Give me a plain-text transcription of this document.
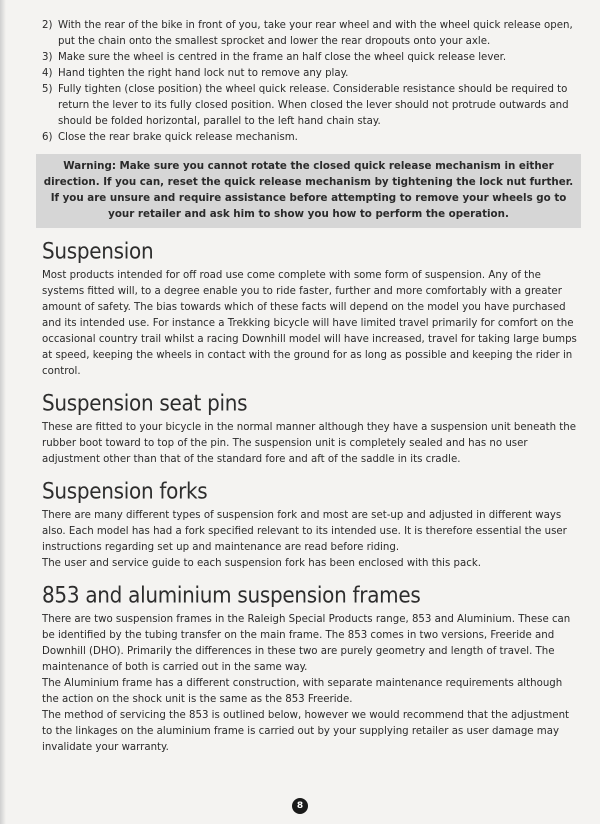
2) With the rear of the bike in front of you, take your rear wheel and with the wheel quick release open, put the chain onto the smallest sprocket and lower the rear dropouts onto your axle.
3) Make sure the wheel is centred in the frame an half close the wheel quick release lever.
4) Hand tighten the right hand lock nut to remove any play.
5) Fully tighten (close position) the wheel quick release. Considerable resistance should be required to return the lever to its fully closed position. When closed the lever should not protrude outwards and should be folded horizontal, parallel to the left hand chain stay.
6) Close the rear brake quick release mechanism.
Warning: Make sure you cannot rotate the closed quick release mechanism in either direction. If you can, reset the quick release mechanism by tightening the lock nut further.
If you are unsure and require assistance before attempting to remove your wheels go to your retailer and ask him to show you how to perform the operation.
Suspension

Most products intended for off road use come complete with some form of suspension. Any of the systems fitted will, to a degree enable you to ride faster, further and more comfortably with a greater amount of safety. The bias towards which of these facts will depend on the model you have purchased and its intended use. For instance a Trekking bicycle will have limited travel primarily for comfort on the occasional country trail whilst a racing Downhill model will have increased, travel for taking large bumps at speed, keeping the wheels in contact with the ground for as long as possible and keeping the rider in control.

Suspension seat pins

These are fitted to your bicycle in the normal manner although they have a suspension unit beneath the rubber boot toward to top of the pin. The suspension unit is completely sealed and has no user adjustment other than that of the standard fore and aft of the saddle in its cradle.

Suspension forks

There are many different types of suspension fork and most are set-up and adjusted in different ways also. Each model has had a fork specified relevant to its intended use. It is therefore essential the user instructions regarding set up and maintenance are read before riding.

The user and service guide to each suspension fork has been enclosed with this pack.

853 and aluminium suspension frames

There are two suspension frames in the Raleigh Special Products range, 853 and Aluminium. These can be identified by the tubing transfer on the main frame. The 853 comes in two versions, Freeride and Downhill (DHO). Primarily the differences in these two are purely geometry and length of travel. The maintenance of both is carried out in the same way.

The Aluminium frame has a different construction, with separate maintenance requirements although the action on the shock unit is the same as the 853 Freeride.

The method of servicing the 853 is outlined below, however we would recommend that the adjustment to the linkages on the aluminium frame is carried out by your supplying retailer as user damage may invalidate your warranty.

8
